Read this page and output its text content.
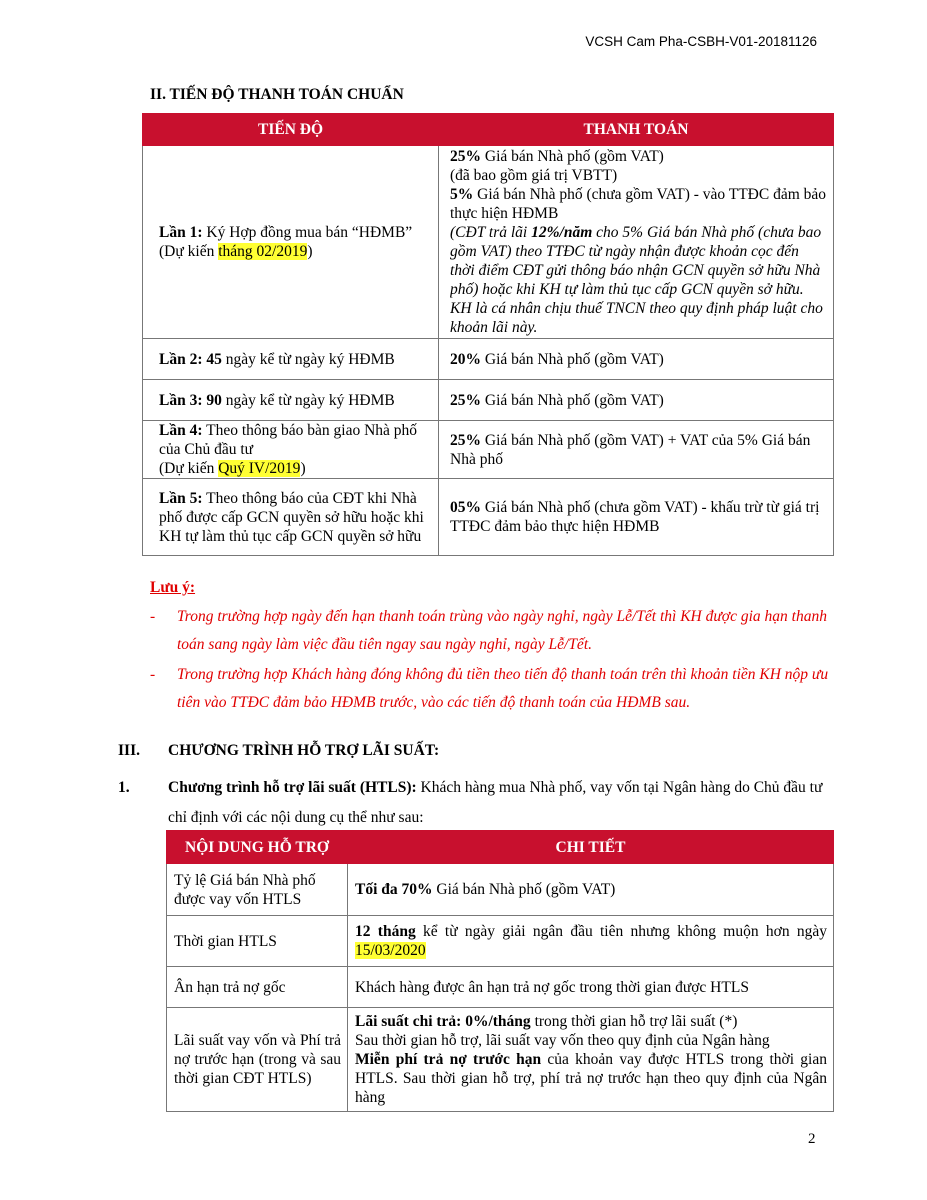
VCSH Cam Pha-CSBH-V01-20181126
II. TIẾN ĐỘ THANH TOÁN CHUẨN
TIẾN ĐỘ	THANH TOÁN
Lần 1: Ký Hợp đồng mua bán “HĐMB”
(Dự kiến tháng 02/2019)	25% Giá bán Nhà phố (gồm VAT)
(đã bao gồm giá trị VBTT)
5% Giá bán Nhà phố (chưa gồm VAT) - vào TTĐC đảm bảo thực hiện HĐMB
(CĐT trả lãi 12%/năm cho 5% Giá bán Nhà phố (chưa bao gồm VAT) theo TTĐC từ ngày nhận được khoản cọc đến thời điểm CĐT gửi thông báo nhận GCN quyền sở hữu Nhà phố) hoặc khi KH tự làm thủ tục cấp GCN quyền sở hữu. KH là cá nhân chịu thuế TNCN theo quy định pháp luật cho khoản lãi này.

Lần 2: 45 ngày kể từ ngày ký HĐMB	20% Giá bán Nhà phố (gồm VAT)
Lần 3: 90 ngày kể từ ngày ký HĐMB	25% Giá bán Nhà phố (gồm VAT)
Lần 4: Theo thông báo bàn giao Nhà phố của Chủ đầu tư
(Dự kiến Quý IV/2019)	25% Giá bán Nhà phố (gồm VAT) + VAT của 5% Giá bán Nhà phố
Lần 5: Theo thông báo của CĐT khi Nhà phố được cấp GCN quyền sở hữu hoặc khi KH tự làm thủ tục cấp GCN quyền sở hữu	05% Giá bán Nhà phố (chưa gồm VAT) - khấu trừ từ giá trị TTĐC đảm bảo thực hiện HĐMB
Lưu ý:
- Trong trường hợp ngày đến hạn thanh toán trùng vào ngày nghỉ, ngày Lễ/Tết thì KH được gia hạn thanh toán sang ngày làm việc đầu tiên ngay sau ngày nghỉ, ngày Lễ/Tết.
- Trong trường hợp Khách hàng đóng không đủ tiền theo tiến độ thanh toán trên thì khoản tiền KH nộp ưu tiên vào TTĐC đảm bảo HĐMB trước, vào các tiến độ thanh toán của HĐMB sau.
III. CHƯƠNG TRÌNH HỖ TRỢ LÃI SUẤT:
1. Chương trình hỗ trợ lãi suất (HTLS): Khách hàng mua Nhà phố, vay vốn tại Ngân hàng do Chủ đầu tư chỉ định với các nội dung cụ thể như sau:
NỘI DUNG HỖ TRỢ	CHI TIẾT
Tỷ lệ Giá bán Nhà phố được vay vốn HTLS	Tối đa 70% Giá bán Nhà phố (gồm VAT)
Thời gian HTLS	12 tháng kể từ ngày giải ngân đầu tiên nhưng không muộn hơn ngày 15/03/2020
Ân hạn trả nợ gốc	Khách hàng được ân hạn trả nợ gốc trong thời gian được HTLS
Lãi suất vay vốn và Phí trả nợ trước hạn (trong và sau thời gian CĐT HTLS)	Lãi suất chi trả: 0%/tháng trong thời gian hỗ trợ lãi suất (*)
Sau thời gian hỗ trợ, lãi suất vay vốn theo quy định của Ngân hàng
Miễn phí trả nợ trước hạn của khoản vay được HTLS trong thời gian HTLS. Sau thời gian hỗ trợ, phí trả nợ trước hạn theo quy định của Ngân hàng
2
